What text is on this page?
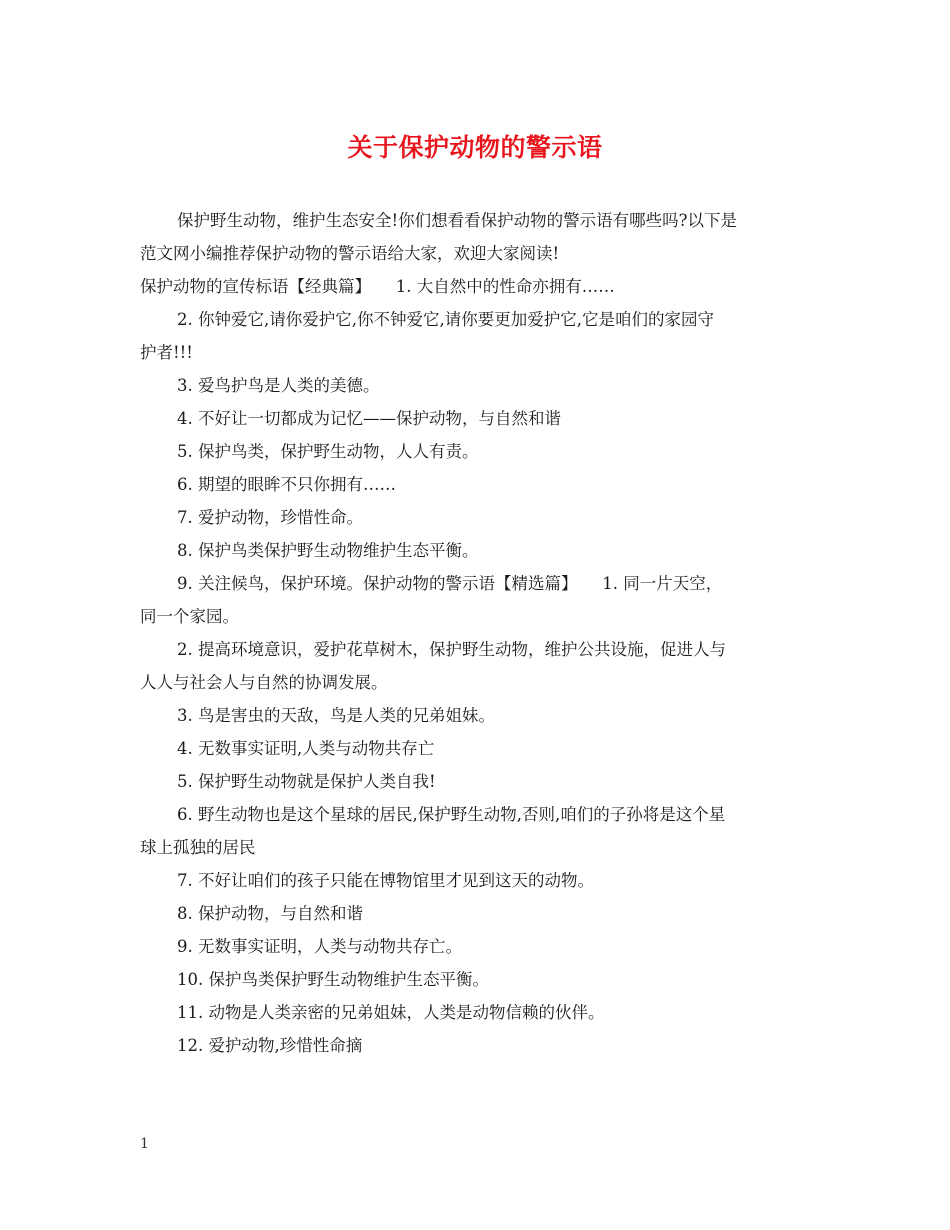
关于保护动物的警示语
保护野生动物，维护生态安全!你们想看看保护动物的警示语有哪些吗?以下是
范文网小编推荐保护动物的警示语给大家，欢迎大家阅读!
保护动物的宣传标语【经典篇】　　1. 大自然中的性命亦拥有……
2. 你钟爱它,请你爱护它,你不钟爱它,请你要更加爱护它,它是咱们的家园守
护者!!!
3. 爱鸟护鸟是人类的美德。
4. 不好让一切都成为记忆——保护动物，与自然和谐
5. 保护鸟类，保护野生动物，人人有责。
6. 期望的眼眸不只你拥有……
7. 爱护动物，珍惜性命。
8. 保护鸟类保护野生动物维护生态平衡。
9. 关注候鸟，保护环境。保护动物的警示语【精选篇】　　1. 同一片天空，
同一个家园。
2. 提高环境意识，爱护花草树木，保护野生动物，维护公共设施，促进人与
人人与社会人与自然的协调发展。
3. 鸟是害虫的天敌，鸟是人类的兄弟姐妹。
4. 无数事实证明,人类与动物共存亡
5. 保护野生动物就是保护人类自我!
6. 野生动物也是这个星球的居民,保护野生动物,否则,咱们的子孙将是这个星
球上孤独的居民
7. 不好让咱们的孩子只能在博物馆里才见到这天的动物。
8. 保护动物，与自然和谐
9. 无数事实证明，人类与动物共存亡。
10. 保护鸟类保护野生动物维护生态平衡。
11. 动物是人类亲密的兄弟姐妹，人类是动物信赖的伙伴。
12. 爱护动物,珍惜性命摘
1
